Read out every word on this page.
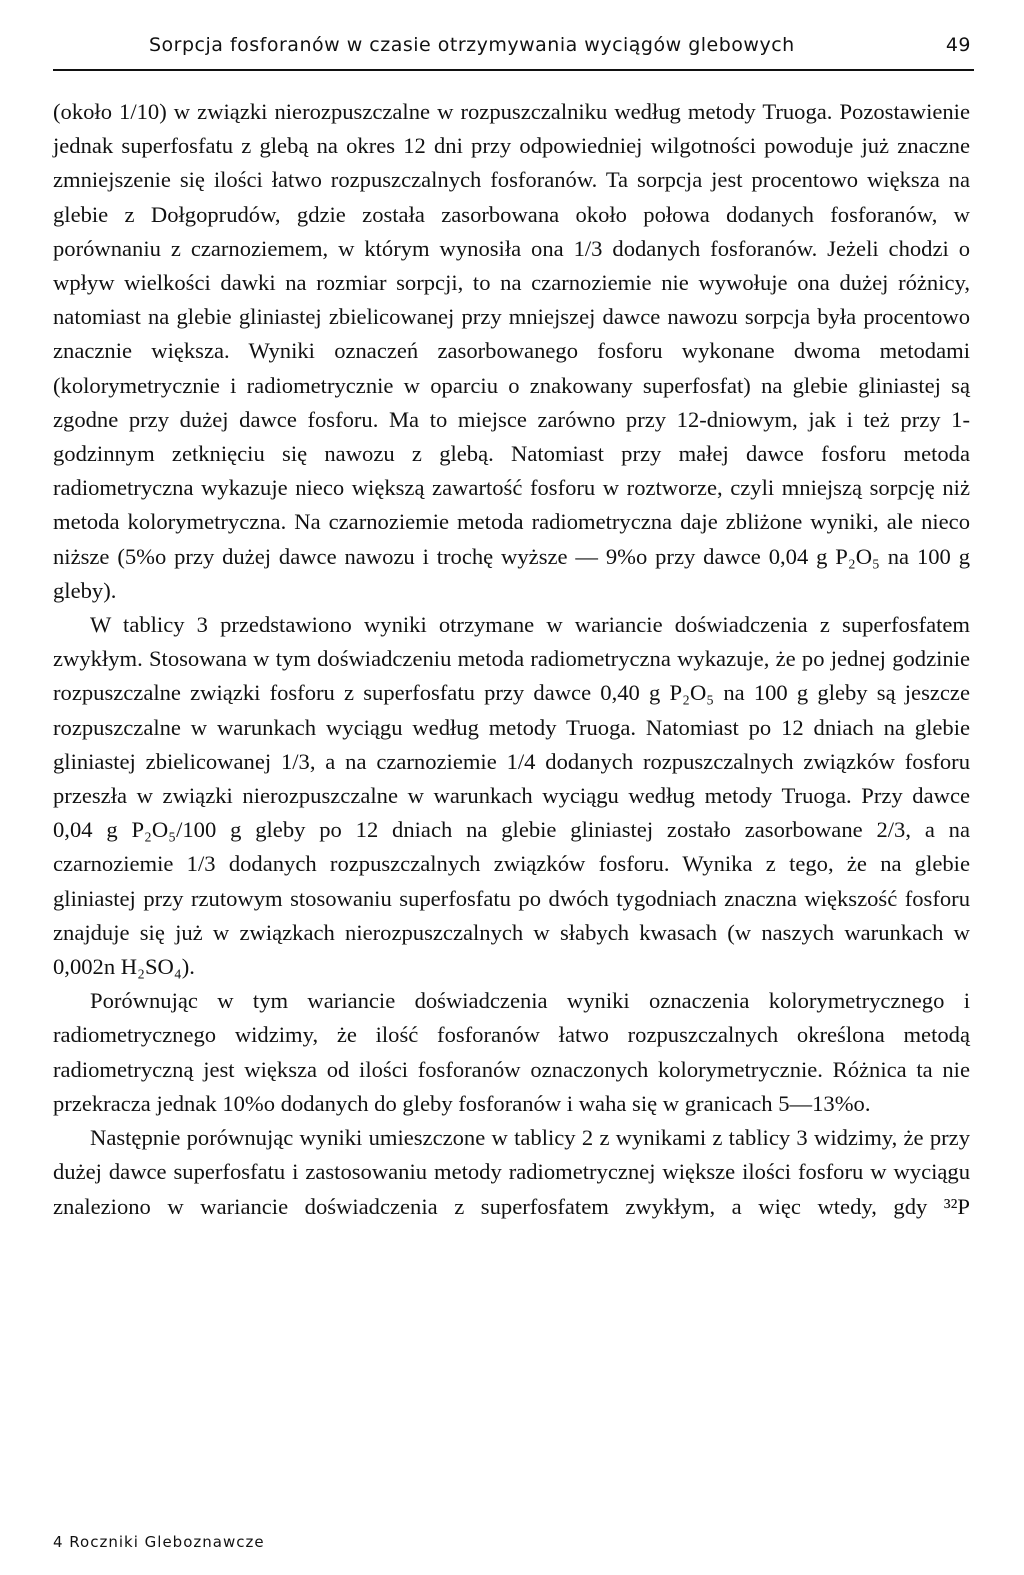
Sorpcja fosforanów w czasie otrzymywania wyciągów glebowych	49

(około 1/10) w związki nierozpuszczalne w rozpuszczalniku według metody Truoga. Pozostawienie jednak superfosfatu z glebą na okres 12 dni przy odpowiedniej wilgotności powoduje już znaczne zmniejszenie się ilości łatwo rozpuszczalnych fosforanów. Ta sorpcja jest procentowo większa na glebie z Dołgoprudów, gdzie została zasorbowana około połowa dodanych fosforanów, w porównaniu z czarnoziemem, w którym wynosiła ona 1/3 dodanych fosforanów. Jeżeli chodzi o wpływ wielkości dawki na rozmiar sorpcji, to na czarnoziemie nie wywołuje ona dużej różnicy, natomiast na glebie gliniastej zbielicowanej przy mniejszej dawce nawozu sorpcja była procentowo znacznie większa. Wyniki oznaczeń zasorbowanego fosforu wykonane dwoma metodami (kolorymetrycznie i radiometrycznie w oparciu o znakowany superfosfat) na glebie gliniastej są zgodne przy dużej dawce fosforu. Ma to miejsce zarówno przy 12-dniowym, jak i też przy 1-godzinnym zetknięciu się nawozu z glebą. Natomiast przy małej dawce fosforu metoda radiometryczna wykazuje nieco większą zawartość fosforu w roztworze, czyli mniejszą sorpcję niż metoda kolorymetryczna. Na czarnoziemie metoda radiometryczna daje zbliżone wyniki, ale nieco niższe (5%o przy dużej dawce nawozu i trochę wyższe — 9%o przy dawce 0,04 g P₂O₅ na 100 g gleby).

W tablicy 3 przedstawiono wyniki otrzymane w wariancie doświadczenia z superfosfatem zwykłym. Stosowana w tym doświadczeniu metoda radiometryczna wykazuje, że po jednej godzinie rozpuszczalne związki fosforu z superfosfatu przy dawce 0,40 g P₂O₅ na 100 g gleby są jeszcze rozpuszczalne w warunkach wyciągu według metody Truoga. Natomiast po 12 dniach na glebie gliniastej zbielicowanej 1/3, a na czarnoziemie 1/4 dodanych rozpuszczalnych związków fosforu przeszła w związki nierozpuszczalne w warunkach wyciągu według metody Truoga. Przy dawce 0,04 g P₂O₅/100 g gleby po 12 dniach na glebie gliniastej zostało zasorbowane 2/3, a na czarnoziemie 1/3 dodanych rozpuszczalnych związków fosforu. Wynika z tego, że na glebie gliniastej przy rzutowym stosowaniu superfosfatu po dwóch tygodniach znaczna większość fosforu znajduje się już w związkach nierozpuszczalnych w słabych kwasach (w naszych warunkach w 0,002n H₂SO₄).

Porównując w tym wariancie doświadczenia wyniki oznaczenia kolorymetrycznego i radiometrycznego widzimy, że ilość fosforanów łatwo rozpuszczalnych określona metodą radiometryczną jest większa od ilości fosforanów oznaczonych kolorymetrycznie. Różnica ta nie przekracza jednak 10%o dodanych do gleby fosforanów i waha się w granicach 5—13%o.

Następnie porównując wyniki umieszczone w tablicy 2 z wynikami z tablicy 3 widzimy, że przy dużej dawce superfosfatu i zastosowaniu metody radiometrycznej większe ilości fosforu w wyciągu znaleziono w wariancie doświadczenia z superfosfatem zwykłym, a więc wtedy, gdy ³²P

4 Roczniki Gleboznawcze
